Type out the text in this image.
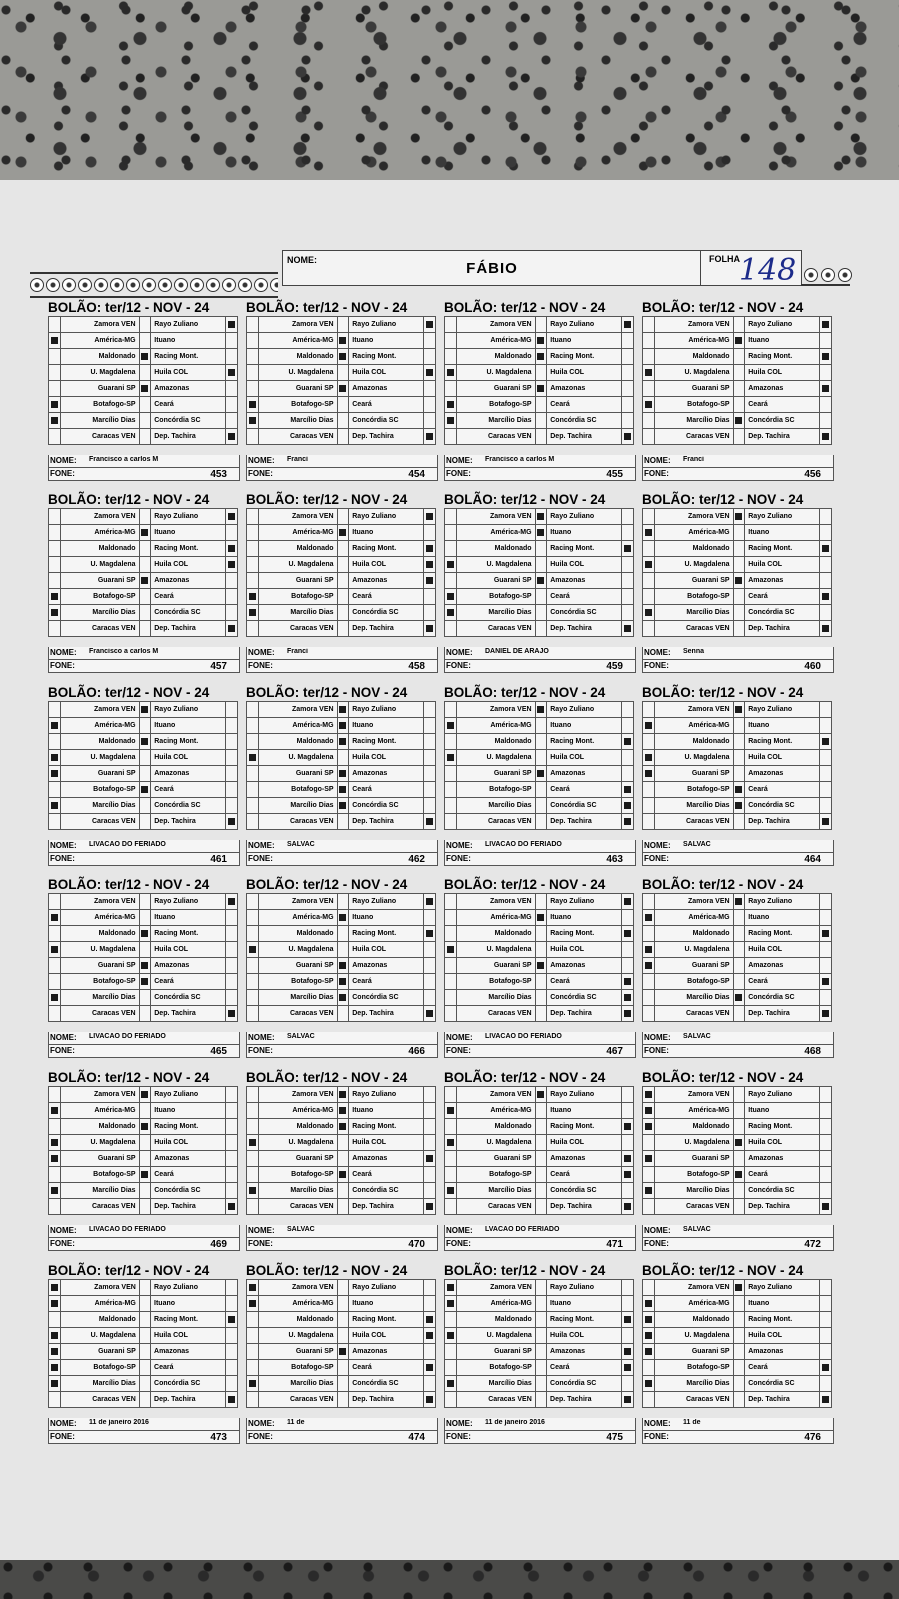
NOME:	FÁBIO
FOLHA 148
BOLÃO: ter/12 - NOV - 24
	Zamora VEN		Rayo Zuliano	
	América-MG		Ituano	
	Maldonado		Racing Mont.	
	U. Magdalena		Huila COL	
	Guarani SP		Amazonas	
	Botafogo-SP		Ceará	
	Marcílio Dias		Concórdia SC	
	Caracas VEN		Dep. Tachira	
NOME: Francisco a carlos M
FONE:	453
BOLÃO: ter/12 - NOV - 24
	Zamora VEN		Rayo Zuliano	
	América-MG		Ituano	
	Maldonado		Racing Mont.	
	U. Magdalena		Huila COL	
	Guarani SP		Amazonas	
	Botafogo-SP		Ceará	
	Marcílio Dias		Concórdia SC	
	Caracas VEN		Dep. Tachira	
NOME: Franci
FONE:	454
BOLÃO: ter/12 - NOV - 24
	Zamora VEN		Rayo Zuliano	
	América-MG		Ituano	
	Maldonado		Racing Mont.	
	U. Magdalena		Huila COL	
	Guarani SP		Amazonas	
	Botafogo-SP		Ceará	
	Marcílio Dias		Concórdia SC	
	Caracas VEN		Dep. Tachira	
NOME: Francisco a carlos M
FONE:	455
BOLÃO: ter/12 - NOV - 24
	Zamora VEN		Rayo Zuliano	
	América-MG		Ituano	
	Maldonado		Racing Mont.	
	U. Magdalena		Huila COL	
	Guarani SP		Amazonas	
	Botafogo-SP		Ceará	
	Marcílio Dias		Concórdia SC	
	Caracas VEN		Dep. Tachira	
NOME: Franci
FONE:	456
BOLÃO: ter/12 - NOV - 24
	Zamora VEN		Rayo Zuliano	
	América-MG		Ituano	
	Maldonado		Racing Mont.	
	U. Magdalena		Huila COL	
	Guarani SP		Amazonas	
	Botafogo-SP		Ceará	
	Marcílio Dias		Concórdia SC	
	Caracas VEN		Dep. Tachira	
NOME: Francisco a carlos M
FONE:	457
BOLÃO: ter/12 - NOV - 24
	Zamora VEN		Rayo Zuliano	
	América-MG		Ituano	
	Maldonado		Racing Mont.	
	U. Magdalena		Huila COL	
	Guarani SP		Amazonas	
	Botafogo-SP		Ceará	
	Marcílio Dias		Concórdia SC	
	Caracas VEN		Dep. Tachira	
NOME: Franci
FONE:	458
BOLÃO: ter/12 - NOV - 24
	Zamora VEN		Rayo Zuliano	
	América-MG		Ituano	
	Maldonado		Racing Mont.	
	U. Magdalena		Huila COL	
	Guarani SP		Amazonas	
	Botafogo-SP		Ceará	
	Marcílio Dias		Concórdia SC	
	Caracas VEN		Dep. Tachira	
NOME: DANIEL DE ARAJO
FONE:	459
BOLÃO: ter/12 - NOV - 24
	Zamora VEN		Rayo Zuliano	
	América-MG		Ituano	
	Maldonado		Racing Mont.	
	U. Magdalena		Huila COL	
	Guarani SP		Amazonas	
	Botafogo-SP		Ceará	
	Marcílio Dias		Concórdia SC	
	Caracas VEN		Dep. Tachira	
NOME: Senna
FONE:	460
BOLÃO: ter/12 - NOV - 24
	Zamora VEN		Rayo Zuliano	
	América-MG		Ituano	
	Maldonado		Racing Mont.	
	U. Magdalena		Huila COL	
	Guarani SP		Amazonas	
	Botafogo-SP		Ceará	
	Marcílio Dias		Concórdia SC	
	Caracas VEN		Dep. Tachira	
NOME: LIVACAO DO FERIADO
FONE:	461
BOLÃO: ter/12 - NOV - 24
	Zamora VEN		Rayo Zuliano	
	América-MG		Ituano	
	Maldonado		Racing Mont.	
	U. Magdalena		Huila COL	
	Guarani SP		Amazonas	
	Botafogo-SP		Ceará	
	Marcílio Dias		Concórdia SC	
	Caracas VEN		Dep. Tachira	
NOME: SALVAC
FONE:	462
BOLÃO: ter/12 - NOV - 24
	Zamora VEN		Rayo Zuliano	
	América-MG		Ituano	
	Maldonado		Racing Mont.	
	U. Magdalena		Huila COL	
	Guarani SP		Amazonas	
	Botafogo-SP		Ceará	
	Marcílio Dias		Concórdia SC	
	Caracas VEN		Dep. Tachira	
NOME: LIVACAO DO FERIADO
FONE:	463
BOLÃO: ter/12 - NOV - 24
	Zamora VEN		Rayo Zuliano	
	América-MG		Ituano	
	Maldonado		Racing Mont.	
	U. Magdalena		Huila COL	
	Guarani SP		Amazonas	
	Botafogo-SP		Ceará	
	Marcílio Dias		Concórdia SC	
	Caracas VEN		Dep. Tachira	
NOME: SALVAC
FONE:	464
BOLÃO: ter/12 - NOV - 24
	Zamora VEN		Rayo Zuliano	
	América-MG		Ituano	
	Maldonado		Racing Mont.	
	U. Magdalena		Huila COL	
	Guarani SP		Amazonas	
	Botafogo-SP		Ceará	
	Marcílio Dias		Concórdia SC	
	Caracas VEN		Dep. Tachira	
NOME: LIVACAO DO FERIADO
FONE:	465
BOLÃO: ter/12 - NOV - 24
	Zamora VEN		Rayo Zuliano	
	América-MG		Ituano	
	Maldonado		Racing Mont.	
	U. Magdalena		Huila COL	
	Guarani SP		Amazonas	
	Botafogo-SP		Ceará	
	Marcílio Dias		Concórdia SC	
	Caracas VEN		Dep. Tachira	
NOME: SALVAC
FONE:	466
BOLÃO: ter/12 - NOV - 24
	Zamora VEN		Rayo Zuliano	
	América-MG		Ituano	
	Maldonado		Racing Mont.	
	U. Magdalena		Huila COL	
	Guarani SP		Amazonas	
	Botafogo-SP		Ceará	
	Marcílio Dias		Concórdia SC	
	Caracas VEN		Dep. Tachira	
NOME: LIVACAO DO FERIADO
FONE:	467
BOLÃO: ter/12 - NOV - 24
	Zamora VEN		Rayo Zuliano	
	América-MG		Ituano	
	Maldonado		Racing Mont.	
	U. Magdalena		Huila COL	
	Guarani SP		Amazonas	
	Botafogo-SP		Ceará	
	Marcílio Dias		Concórdia SC	
	Caracas VEN		Dep. Tachira	
NOME: SALVAC
FONE:	468
BOLÃO: ter/12 - NOV - 24
	Zamora VEN		Rayo Zuliano	
	América-MG		Ituano	
	Maldonado		Racing Mont.	
	U. Magdalena		Huila COL	
	Guarani SP		Amazonas	
	Botafogo-SP		Ceará	
	Marcílio Dias		Concórdia SC	
	Caracas VEN		Dep. Tachira	
NOME: LIVACAO DO FERIADO
FONE:	469
BOLÃO: ter/12 - NOV - 24
	Zamora VEN		Rayo Zuliano	
	América-MG		Ituano	
	Maldonado		Racing Mont.	
	U. Magdalena		Huila COL	
	Guarani SP		Amazonas	
	Botafogo-SP		Ceará	
	Marcílio Dias		Concórdia SC	
	Caracas VEN		Dep. Tachira	
NOME: SALVAC
FONE:	470
BOLÃO: ter/12 - NOV - 24
	Zamora VEN		Rayo Zuliano	
	América-MG		Ituano	
	Maldonado		Racing Mont.	
	U. Magdalena		Huila COL	
	Guarani SP		Amazonas	
	Botafogo-SP		Ceará	
	Marcílio Dias		Concórdia SC	
	Caracas VEN		Dep. Tachira	
NOME: LVACAO DO FERIADO
FONE:	471
BOLÃO: ter/12 - NOV - 24
	Zamora VEN		Rayo Zuliano	
	América-MG		Ituano	
	Maldonado		Racing Mont.	
	U. Magdalena		Huila COL	
	Guarani SP		Amazonas	
	Botafogo-SP		Ceará	
	Marcílio Dias		Concórdia SC	
	Caracas VEN		Dep. Tachira	
NOME: SALVAC
FONE:	472
BOLÃO: ter/12 - NOV - 24
	Zamora VEN		Rayo Zuliano	
	América-MG		Ituano	
	Maldonado		Racing Mont.	
	U. Magdalena		Huila COL	
	Guarani SP		Amazonas	
	Botafogo-SP		Ceará	
	Marcílio Dias		Concórdia SC	
	Caracas VEN		Dep. Tachira	
NOME: 11 de janeiro 2016
FONE:	473
BOLÃO: ter/12 - NOV - 24
	Zamora VEN		Rayo Zuliano	
	América-MG		Ituano	
	Maldonado		Racing Mont.	
	U. Magdalena		Huila COL	
	Guarani SP		Amazonas	
	Botafogo-SP		Ceará	
	Marcílio Dias		Concórdia SC	
	Caracas VEN		Dep. Tachira	
NOME: 11 de
FONE:	474
BOLÃO: ter/12 - NOV - 24
	Zamora VEN		Rayo Zuliano	
	América-MG		Ituano	
	Maldonado		Racing Mont.	
	U. Magdalena		Huila COL	
	Guarani SP		Amazonas	
	Botafogo-SP		Ceará	
	Marcílio Dias		Concórdia SC	
	Caracas VEN		Dep. Tachira	
NOME: 11 de janeiro 2016
FONE:	475
BOLÃO: ter/12 - NOV - 24
	Zamora VEN		Rayo Zuliano	
	América-MG		Ituano	
	Maldonado		Racing Mont.	
	U. Magdalena		Huila COL	
	Guarani SP		Amazonas	
	Botafogo-SP		Ceará	
	Marcílio Dias		Concórdia SC	
	Caracas VEN		Dep. Tachira	
NOME: 11 de
FONE:	476
